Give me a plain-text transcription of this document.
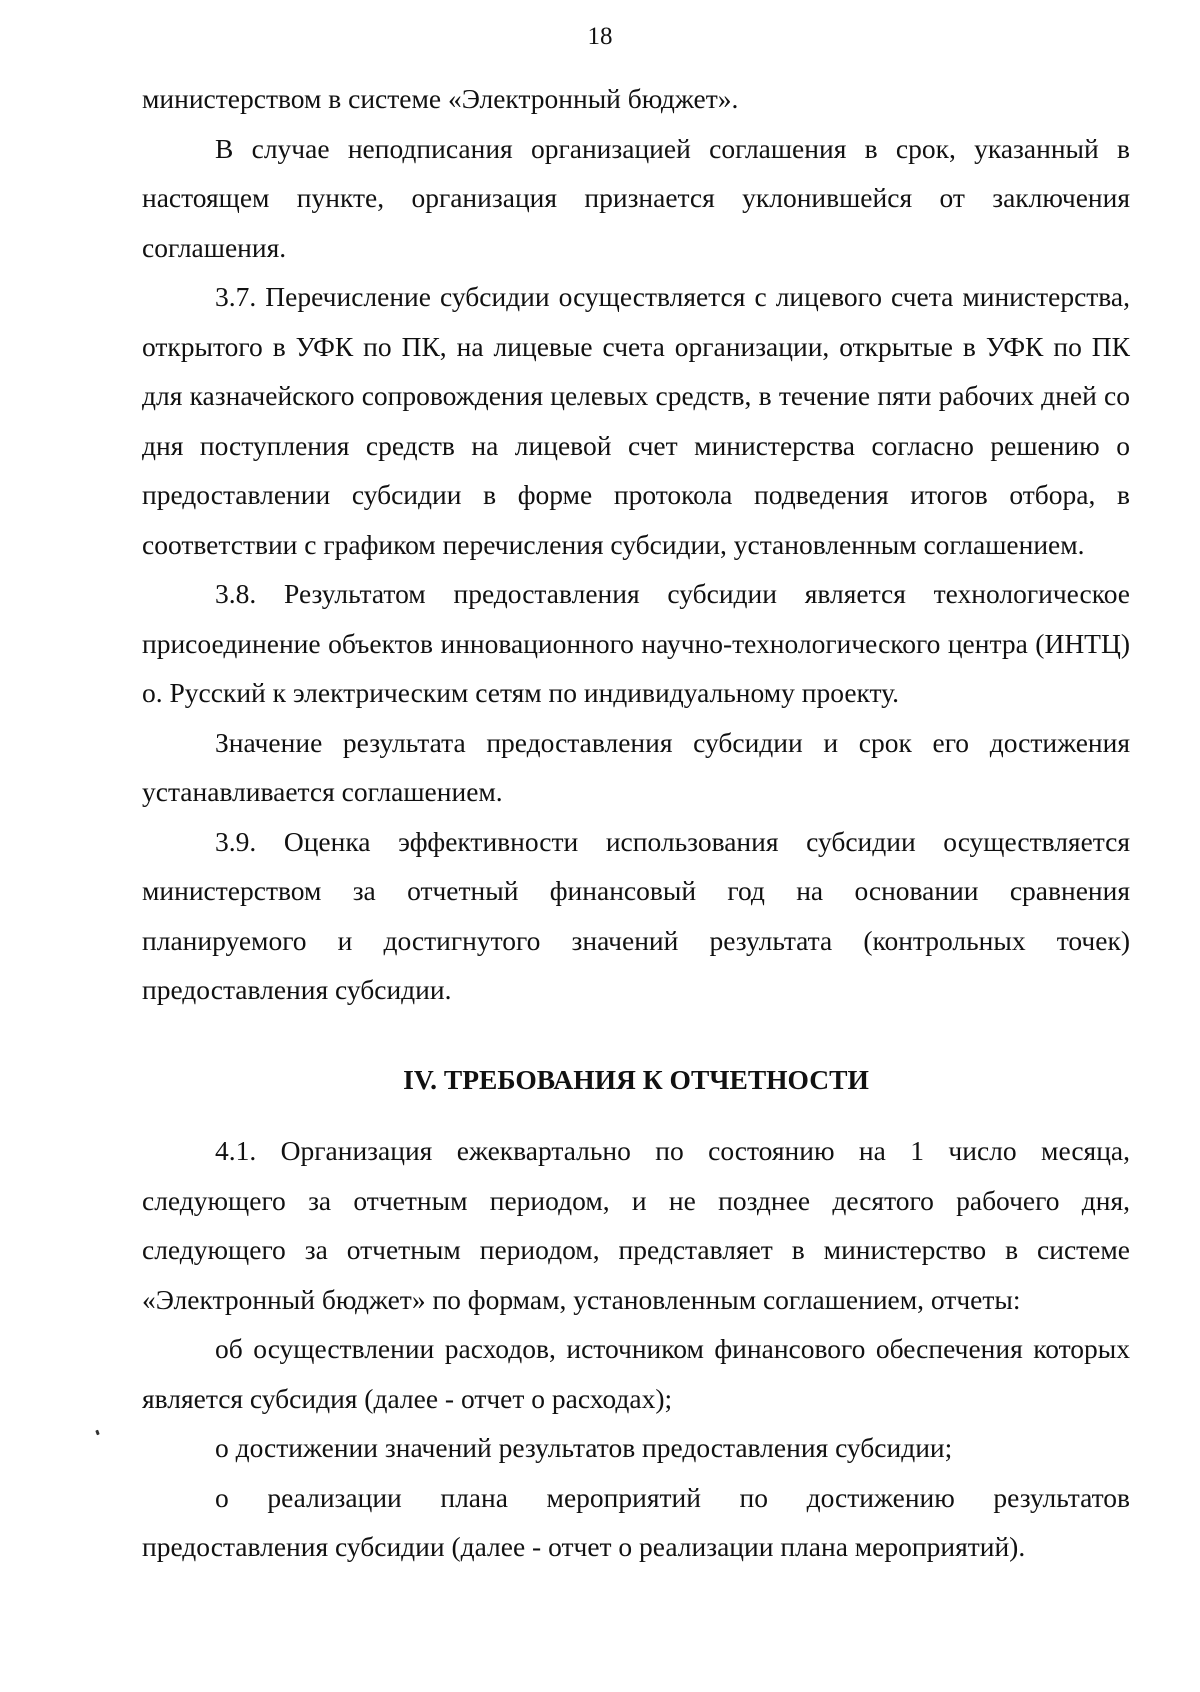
18

министерством в системе «Электронный бюджет».

В случае неподписания организацией соглашения в срок, указанный в настоящем пункте, организация признается уклонившейся от заключения соглашения.

3.7. Перечисление субсидии осуществляется с лицевого счета министерства, открытого в УФК по ПК, на лицевые счета организации, открытые в УФК по ПК для казначейского сопровождения целевых средств, в течение пяти рабочих дней со дня поступления средств на лицевой счет министерства согласно решению о предоставлении субсидии в форме протокола подведения итогов отбора, в соответствии с графиком перечисления субсидии, установленным соглашением.

3.8. Результатом предоставления субсидии является технологическое присоединение объектов инновационного научно-технологического центра (ИНТЦ) о. Русский к электрическим сетям по индивидуальному проекту.

Значение результата предоставления субсидии и срок его достижения устанавливается соглашением.

3.9. Оценка эффективности использования субсидии осуществляется министерством за отчетный финансовый год на основании сравнения планируемого и достигнутого значений результата (контрольных точек) предоставления субсидии.

IV. ТРЕБОВАНИЯ К ОТЧЕТНОСТИ

4.1. Организация ежеквартально по состоянию на 1 число месяца, следующего за отчетным периодом, и не позднее десятого рабочего дня, следующего за отчетным периодом, представляет в министерство в системе «Электронный бюджет» по формам, установленным соглашением, отчеты:

об осуществлении расходов, источником финансового обеспечения которых является субсидия (далее - отчет о расходах);

о достижении значений результатов предоставления субсидии;

о реализации плана мероприятий по достижению результатов предоставления субсидии (далее - отчет о реализации плана мероприятий).
